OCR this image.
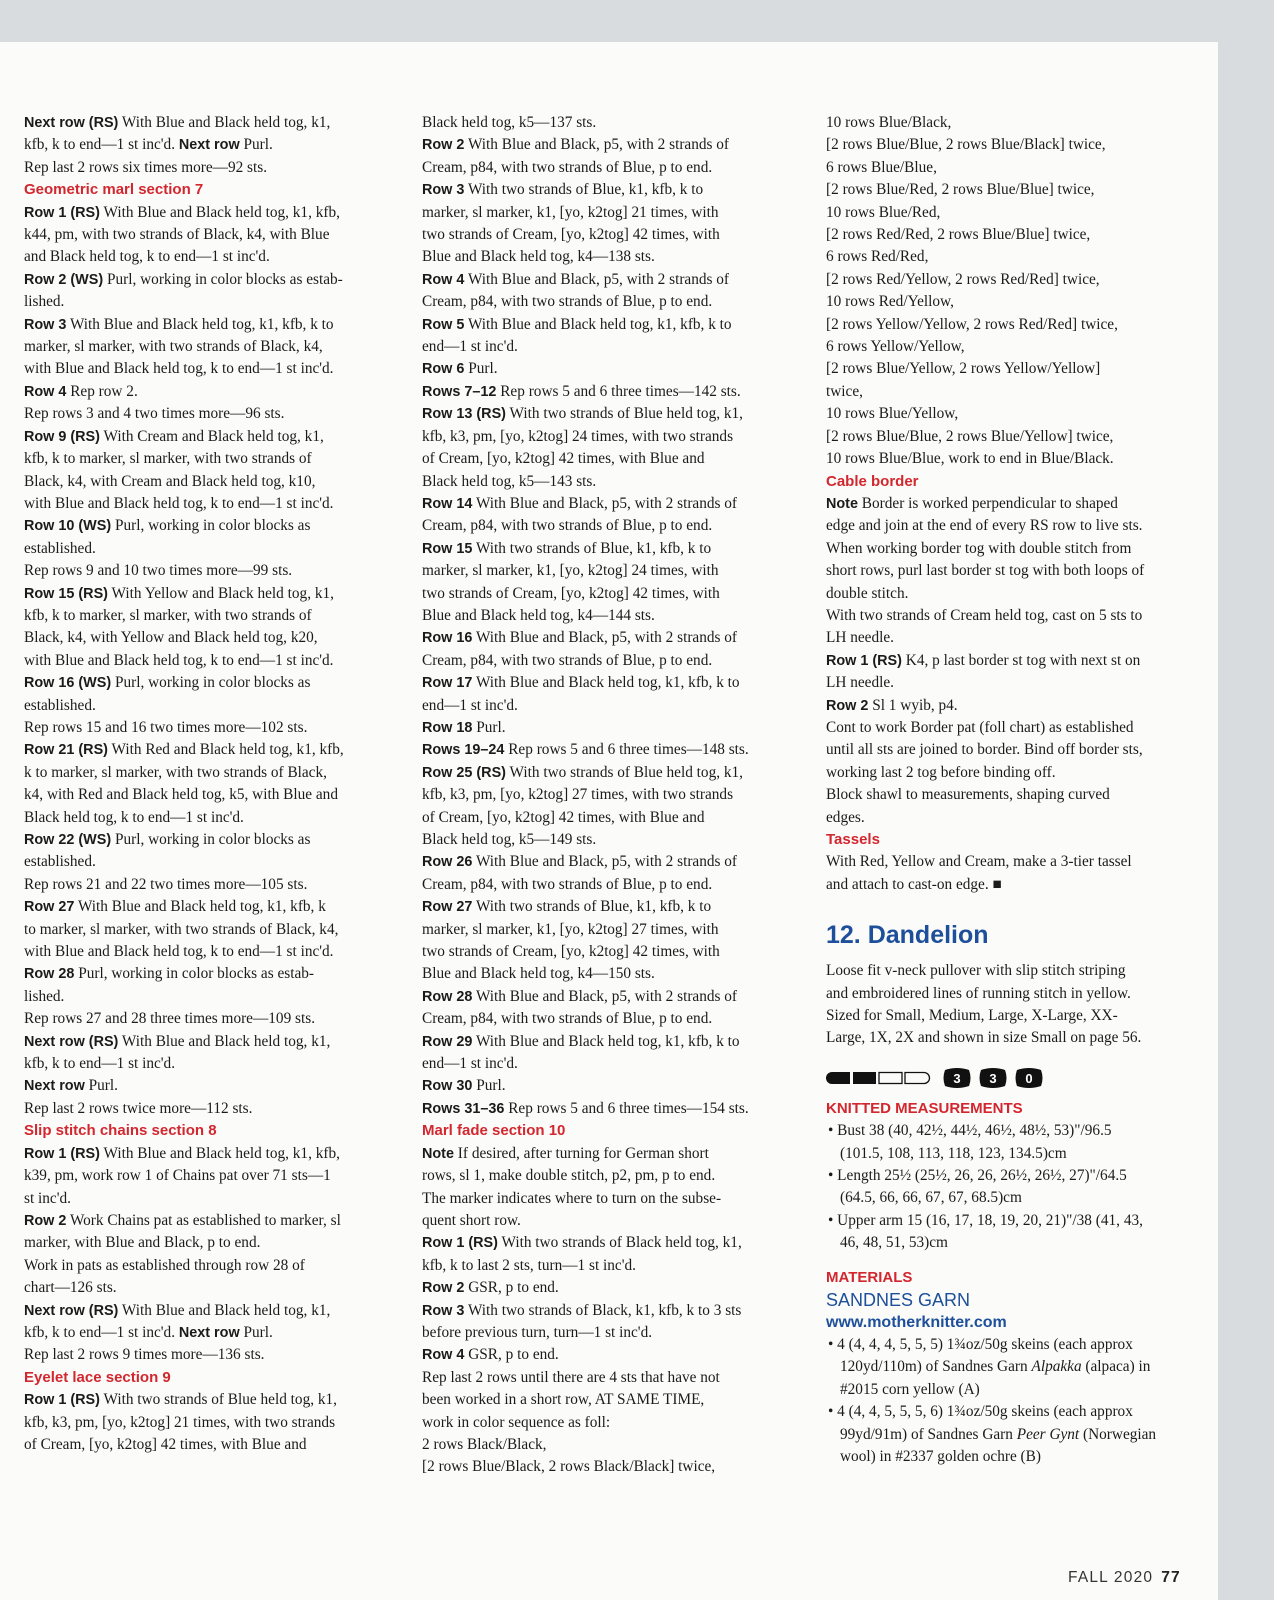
Next row (RS) With Blue and Black held tog, k1,

kfb, k to end—1 st inc'd. Next row Purl.

Rep last 2 rows six times more—92 sts.

Geometric marl section 7

Row 1 (RS) With Blue and Black held tog, k1, kfb,

k44, pm, with two strands of Black, k4, with Blue

and Black held tog, k to end—1 st inc'd.

Row 2 (WS) Purl, working in color blocks as estab-

lished.

Row 3 With Blue and Black held tog, k1, kfb, k to

marker, sl marker, with two strands of Black, k4,

with Blue and Black held tog, k to end—1 st inc'd.

Row 4 Rep row 2.

Rep rows 3 and 4 two times more—96 sts.

Row 9 (RS) With Cream and Black held tog, k1,

kfb, k to marker, sl marker, with two strands of

Black, k4, with Cream and Black held tog, k10,

with Blue and Black held tog, k to end—1 st inc'd.

Row 10 (WS) Purl, working in color blocks as

established.

Rep rows 9 and 10 two times more—99 sts.

Row 15 (RS) With Yellow and Black held tog, k1,

kfb, k to marker, sl marker, with two strands of

Black, k4, with Yellow and Black held tog, k20,

with Blue and Black held tog, k to end—1 st inc'd.

Row 16 (WS) Purl, working in color blocks as

established.

Rep rows 15 and 16 two times more—102 sts.

Row 21 (RS) With Red and Black held tog, k1, kfb,

k to marker, sl marker, with two strands of Black,

k4, with Red and Black held tog, k5, with Blue and

Black held tog, k to end—1 st inc'd.

Row 22 (WS) Purl, working in color blocks as

established.

Rep rows 21 and 22 two times more—105 sts.

Row 27 With Blue and Black held tog, k1, kfb, k

to marker, sl marker, with two strands of Black, k4,

with Blue and Black held tog, k to end—1 st inc'd.

Row 28 Purl, working in color blocks as estab-

lished.

Rep rows 27 and 28 three times more—109 sts.

Next row (RS) With Blue and Black held tog, k1,

kfb, k to end—1 st inc'd.

Next row Purl.

Rep last 2 rows twice more—112 sts.

Slip stitch chains section 8

Row 1 (RS) With Blue and Black held tog, k1, kfb,

k39, pm, work row 1 of Chains pat over 71 sts—1

st inc'd.

Row 2 Work Chains pat as established to marker, sl

marker, with Blue and Black, p to end.

Work in pats as established through row 28 of

chart—126 sts.

Next row (RS) With Blue and Black held tog, k1,

kfb, k to end—1 st inc'd. Next row Purl.

Rep last 2 rows 9 times more—136 sts.

Eyelet lace section 9

Row 1 (RS) With two strands of Blue held tog, k1,

kfb, k3, pm, [yo, k2tog] 21 times, with two strands

of Cream, [yo, k2tog] 42 times, with Blue and

Black held tog, k5—137 sts.

Row 2 With Blue and Black, p5, with 2 strands of

Cream, p84, with two strands of Blue, p to end.

Row 3 With two strands of Blue, k1, kfb, k to

marker, sl marker, k1, [yo, k2tog] 21 times, with

two strands of Cream, [yo, k2tog] 42 times, with

Blue and Black held tog, k4—138 sts.

Row 4 With Blue and Black, p5, with 2 strands of

Cream, p84, with two strands of Blue, p to end.

Row 5 With Blue and Black held tog, k1, kfb, k to

end—1 st inc'd.

Row 6 Purl.

Rows 7–12 Rep rows 5 and 6 three times—142 sts.

Row 13 (RS) With two strands of Blue held tog, k1,

kfb, k3, pm, [yo, k2tog] 24 times, with two strands

of Cream, [yo, k2tog] 42 times, with Blue and

Black held tog, k5—143 sts.

Row 14 With Blue and Black, p5, with 2 strands of

Cream, p84, with two strands of Blue, p to end.

Row 15 With two strands of Blue, k1, kfb, k to

marker, sl marker, k1, [yo, k2tog] 24 times, with

two strands of Cream, [yo, k2tog] 42 times, with

Blue and Black held tog, k4—144 sts.

Row 16 With Blue and Black, p5, with 2 strands of

Cream, p84, with two strands of Blue, p to end.

Row 17 With Blue and Black held tog, k1, kfb, k to

end—1 st inc'd.

Row 18 Purl.

Rows 19–24 Rep rows 5 and 6 three times—148 sts.

Row 25 (RS) With two strands of Blue held tog, k1,

kfb, k3, pm, [yo, k2tog] 27 times, with two strands

of Cream, [yo, k2tog] 42 times, with Blue and

Black held tog, k5—149 sts.

Row 26 With Blue and Black, p5, with 2 strands of

Cream, p84, with two strands of Blue, p to end.

Row 27 With two strands of Blue, k1, kfb, k to

marker, sl marker, k1, [yo, k2tog] 27 times, with

two strands of Cream, [yo, k2tog] 42 times, with

Blue and Black held tog, k4—150 sts.

Row 28 With Blue and Black, p5, with 2 strands of

Cream, p84, with two strands of Blue, p to end.

Row 29 With Blue and Black held tog, k1, kfb, k to

end—1 st inc'd.

Row 30 Purl.

Rows 31–36 Rep rows 5 and 6 three times—154 sts.

Marl fade section 10

Note If desired, after turning for German short

rows, sl 1, make double stitch, p2, pm, p to end.

The marker indicates where to turn on the subse-

quent short row.

Row 1 (RS) With two strands of Black held tog, k1,

kfb, k to last 2 sts, turn—1 st inc'd.

Row 2 GSR, p to end.

Row 3 With two strands of Black, k1, kfb, k to 3 sts

before previous turn, turn—1 st inc'd.

Row 4 GSR, p to end.

Rep last 2 rows until there are 4 sts that have not

been worked in a short row, AT SAME TIME,

work in color sequence as foll:

2 rows Black/Black,

[2 rows Blue/Black, 2 rows Black/Black] twice,

10 rows Blue/Black,

[2 rows Blue/Blue, 2 rows Blue/Black] twice,

6 rows Blue/Blue,

[2 rows Blue/Red, 2 rows Blue/Blue] twice,

10 rows Blue/Red,

[2 rows Red/Red, 2 rows Blue/Blue] twice,

6 rows Red/Red,

[2 rows Red/Yellow, 2 rows Red/Red] twice,

10 rows Red/Yellow,

[2 rows Yellow/Yellow, 2 rows Red/Red] twice,

6 rows Yellow/Yellow,

[2 rows Blue/Yellow, 2 rows Yellow/Yellow]

twice,

10 rows Blue/Yellow,

[2 rows Blue/Blue, 2 rows Blue/Yellow] twice,

10 rows Blue/Blue, work to end in Blue/Black.

Cable border

Note Border is worked perpendicular to shaped

edge and join at the end of every RS row to live sts.

When working border tog with double stitch from

short rows, purl last border st tog with both loops of

double stitch.

With two strands of Cream held tog, cast on 5 sts to

LH needle.

Row 1 (RS) K4, p last border st tog with next st on

LH needle.

Row 2 Sl 1 wyib, p4.

Cont to work Border pat (foll chart) as established

until all sts are joined to border. Bind off border sts,

working last 2 tog before binding off.

Block shawl to measurements, shaping curved

edges.

Tassels

With Red, Yellow and Cream, make a 3-tier tassel

and attach to cast-on edge. ■

12. Dandelion

Loose fit v-neck pullover with slip stitch striping

and embroidered lines of running stitch in yellow.

Sized for Small, Medium, Large, X-Large, XX-

Large, 1X, 2X and shown in size Small on page 56.

3 3 0

KNITTED MEASUREMENTS

• Bust 38 (40, 42½, 44½, 46½, 48½, 53)"/96.5
(101.5, 108, 113, 118, 123, 134.5)cm

• Length 25½ (25½, 26, 26, 26½, 26½, 27)"/64.5
(64.5, 66, 66, 67, 67, 68.5)cm

• Upper arm 15 (16, 17, 18, 19, 20, 21)"/38 (41, 43,
46, 48, 51, 53)cm

MATERIALS

SANDNES GARN

www.motherknitter.com

• 4 (4, 4, 4, 5, 5, 5) 1¾oz/50g skeins (each approx
120yd/110m) of Sandnes Garn Alpakka (alpaca) in
#2015 corn yellow (A)

• 4 (4, 4, 5, 5, 5, 6) 1¾oz/50g skeins (each approx
99yd/91m) of Sandnes Garn Peer Gynt (Norwegian
wool) in #2337 golden ochre (B)

FALL 2020 77
